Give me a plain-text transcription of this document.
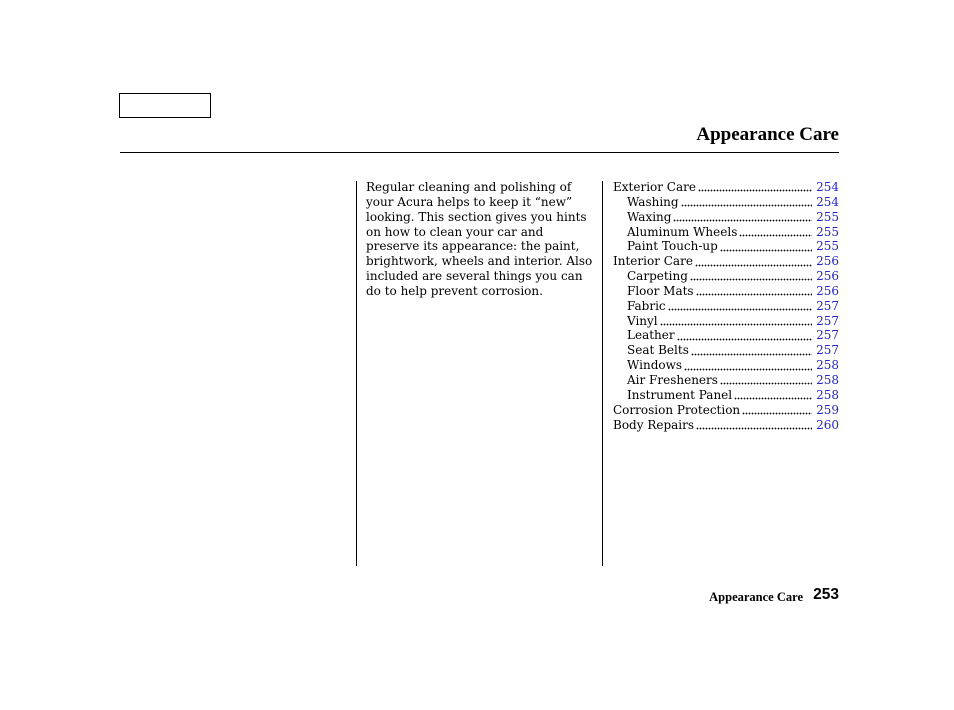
Appearance Care
Regular cleaning and polishing of
your Acura helps to keep it “new”
looking. This section gives you hints
on how to clean your car and
preserve its appearance: the paint,
brightwork, wheels and interior. Also
included are several things you can
do to help prevent corrosion.
Exterior Care	254
Washing	254
Waxing	255
Aluminum Wheels	255
Paint Touch-up	255
Interior Care	256
Carpeting	256
Floor Mats	256
Fabric	257
Vinyl	257
Leather	257
Seat Belts	257
Windows	258
Air Fresheners	258
Instrument Panel	258
Corrosion Protection	259
Body Repairs	260
Appearance Care 253
